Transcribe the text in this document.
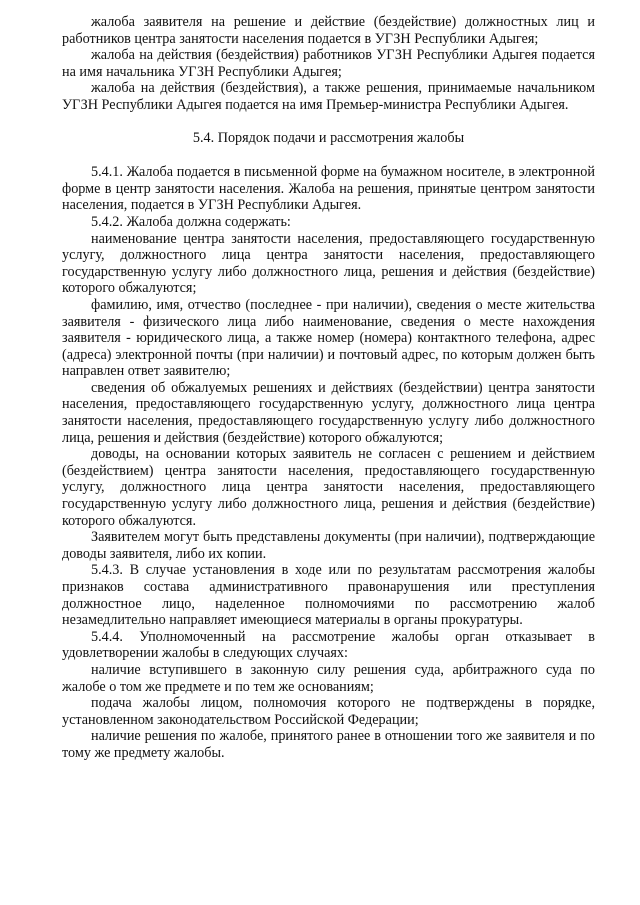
жалоба заявителя на решение и действие (бездействие) должностных лиц и работников центра занятости населения подается в УГЗН Республики Адыгея;

жалоба на действия (бездействия) работников УГЗН Республики Адыгея подается на имя начальника УГЗН Республики Адыгея;

жалоба на действия (бездействия), а также решения, принимаемые начальником УГЗН Республики Адыгея подается на имя Премьер-министра Республики Адыгея.

5.4. Порядок подачи и рассмотрения жалобы

5.4.1. Жалоба подается в письменной форме на бумажном носителе, в электронной форме в центр занятости населения. Жалоба на решения, принятые центром занятости населения, подается в УГЗН Республики Адыгея.

5.4.2. Жалоба должна содержать:

наименование центра занятости населения, предоставляющего государственную услугу, должностного лица центра занятости населения, предоставляющего государственную услугу либо должностного лица, решения и действия (бездействие) которого обжалуются;

фамилию, имя, отчество (последнее - при наличии), сведения о месте жительства заявителя - физического лица либо наименование, сведения о месте нахождения заявителя - юридического лица, а также номер (номера) контактного телефона, адрес (адреса) электронной почты (при наличии) и почтовый адрес, по которым должен быть направлен ответ заявителю;

сведения об обжалуемых решениях и действиях (бездействии) центра занятости населения, предоставляющего государственную услугу, должностного лица центра занятости населения, предоставляющего государственную услугу либо должностного лица, решения и действия (бездействие) которого обжалуются;

доводы, на основании которых заявитель не согласен с решением и действием (бездействием) центра занятости населения, предоставляющего государственную услугу, должностного лица центра занятости населения, предоставляющего государственную услугу либо должностного лица, решения и действия (бездействие) которого обжалуются.

Заявителем могут быть представлены документы (при наличии), подтверждающие доводы заявителя, либо их копии.

5.4.3. В случае установления в ходе или по результатам рассмотрения жалобы признаков состава административного правонарушения или преступления должностное лицо, наделенное полномочиями по рассмотрению жалоб незамедлительно направляет имеющиеся материалы в органы прокуратуры.

5.4.4. Уполномоченный на рассмотрение жалобы орган отказывает в удовлетворении жалобы в следующих случаях:

наличие вступившего в законную силу решения суда, арбитражного суда по жалобе о том же предмете и по тем же основаниям;

подача жалобы лицом, полномочия которого не подтверждены в порядке, установленном законодательством Российской Федерации;

наличие решения по жалобе, принятого ранее в отношении того же заявителя и по тому же предмету жалобы.
